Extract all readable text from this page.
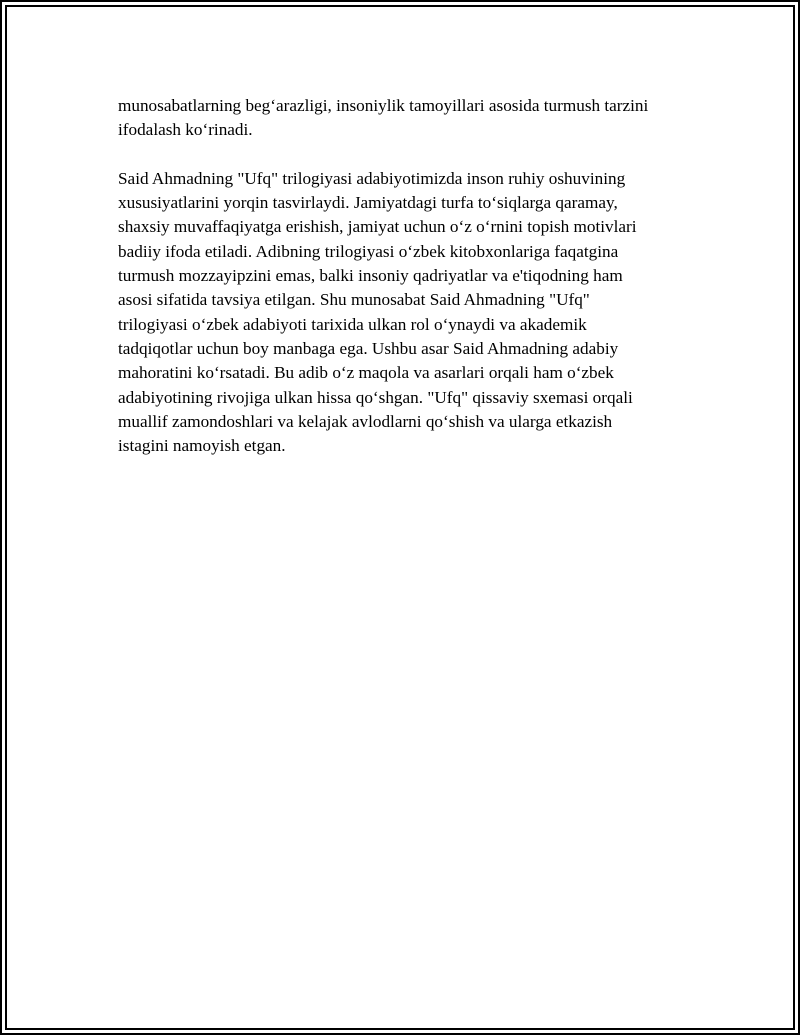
munosabatlarning beg‘arazligi, insoniylik tamoyillari asosida turmush tarzini
ifodalash ko‘rinadi.

Said Ahmadning "Ufq" trilogiyasi adabiyotimizda inson ruhiy oshuvining
xususiyatlarini yorqin tasvirlaydi. Jamiyatdagi turfa to‘siqlarga qaramay,
shaxsiy muvaffaqiyatga erishish, jamiyat uchun o‘z o‘rnini topish motivlari
badiiy ifoda etiladi. Adibning trilogiyasi o‘zbek kitobxonlariga faqatgina
turmush mozzayipzini emas, balki insoniy qadriyatlar va e'tiqodning ham
asosi sifatida tavsiya etilgan. Shu munosabat Said Ahmadning "Ufq"
trilogiyasi o‘zbek adabiyoti tarixida ulkan rol o‘ynaydi va akademik
tadqiqotlar uchun boy manbaga ega. Ushbu asar Said Ahmadning adabiy
mahoratini ko‘rsatadi. Bu adib o‘z maqola va asarlari orqali ham o‘zbek
adabiyotining rivojiga ulkan hissa qo‘shgan. "Ufq" qissaviy sxemasi orqali
muallif zamondoshlari va kelajak avlodlarni qo‘shish va ularga etkazish
istagini namoyish etgan.
